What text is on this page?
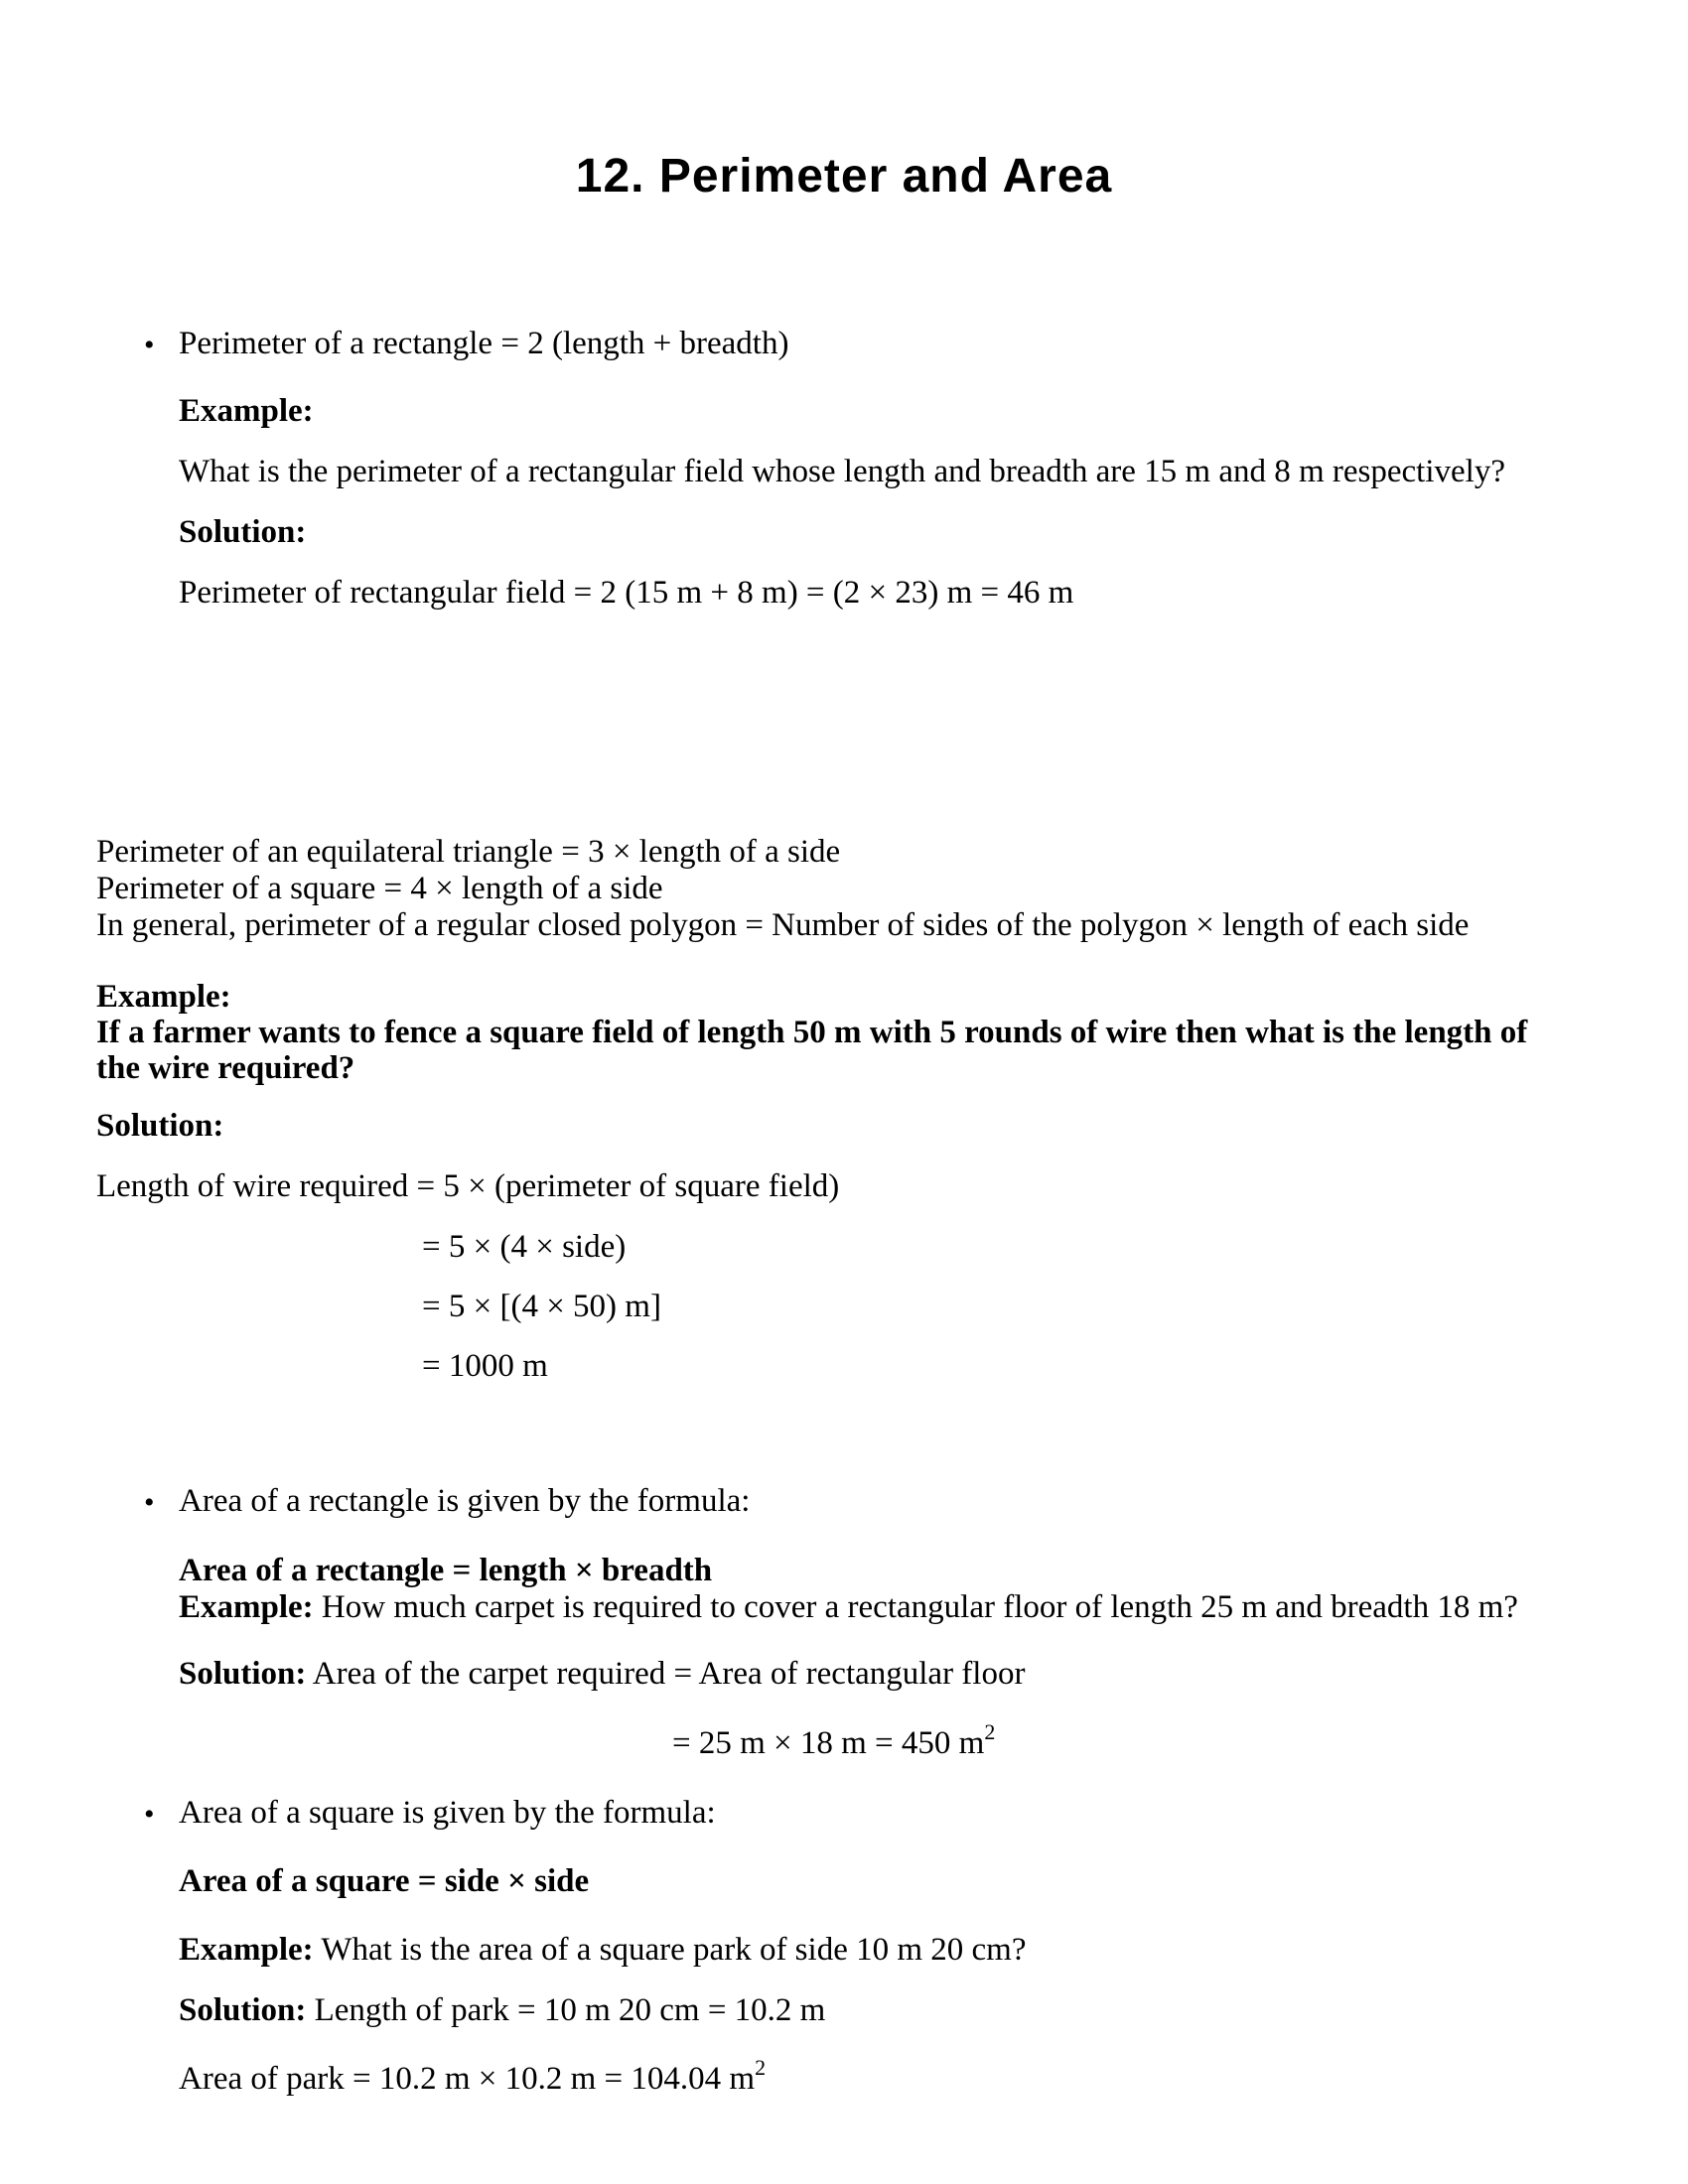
12. Perimeter and Area
• Perimeter of a rectangle = 2 (length + breadth)
Example:
What is the perimeter of a rectangular field whose length and breadth are 15 m and 8 m respectively?
Solution:
Perimeter of rectangular field = 2 (15 m + 8 m) = (2 × 23) m = 46 m
Perimeter of an equilateral triangle = 3 × length of a side
Perimeter of a square = 4 × length of a side
In general, perimeter of a regular closed polygon = Number of sides of the polygon × length of each side
Example:
If a farmer wants to fence a square field of length 50 m with 5 rounds of wire then what is the length of
the wire required?
Solution:
Length of wire required = 5 × (perimeter of square field)
= 5 × (4 × side)
= 5 × [(4 × 50) m]
= 1000 m
• Area of a rectangle is given by the formula:
Area of a rectangle = length × breadth
Example: How much carpet is required to cover a rectangular floor of length 25 m and breadth 18 m?
Solution: Area of the carpet required = Area of rectangular floor
= 25 m × 18 m = 450 $m^2$
• Area of a square is given by the formula:
Area of a square = side × side
Example: What is the area of a square park of side 10 m 20 cm?
Solution: Length of park = 10 m 20 cm = 10.2 m
Area of park = 10.2 m × 10.2 m = 104.04 $m^2$
